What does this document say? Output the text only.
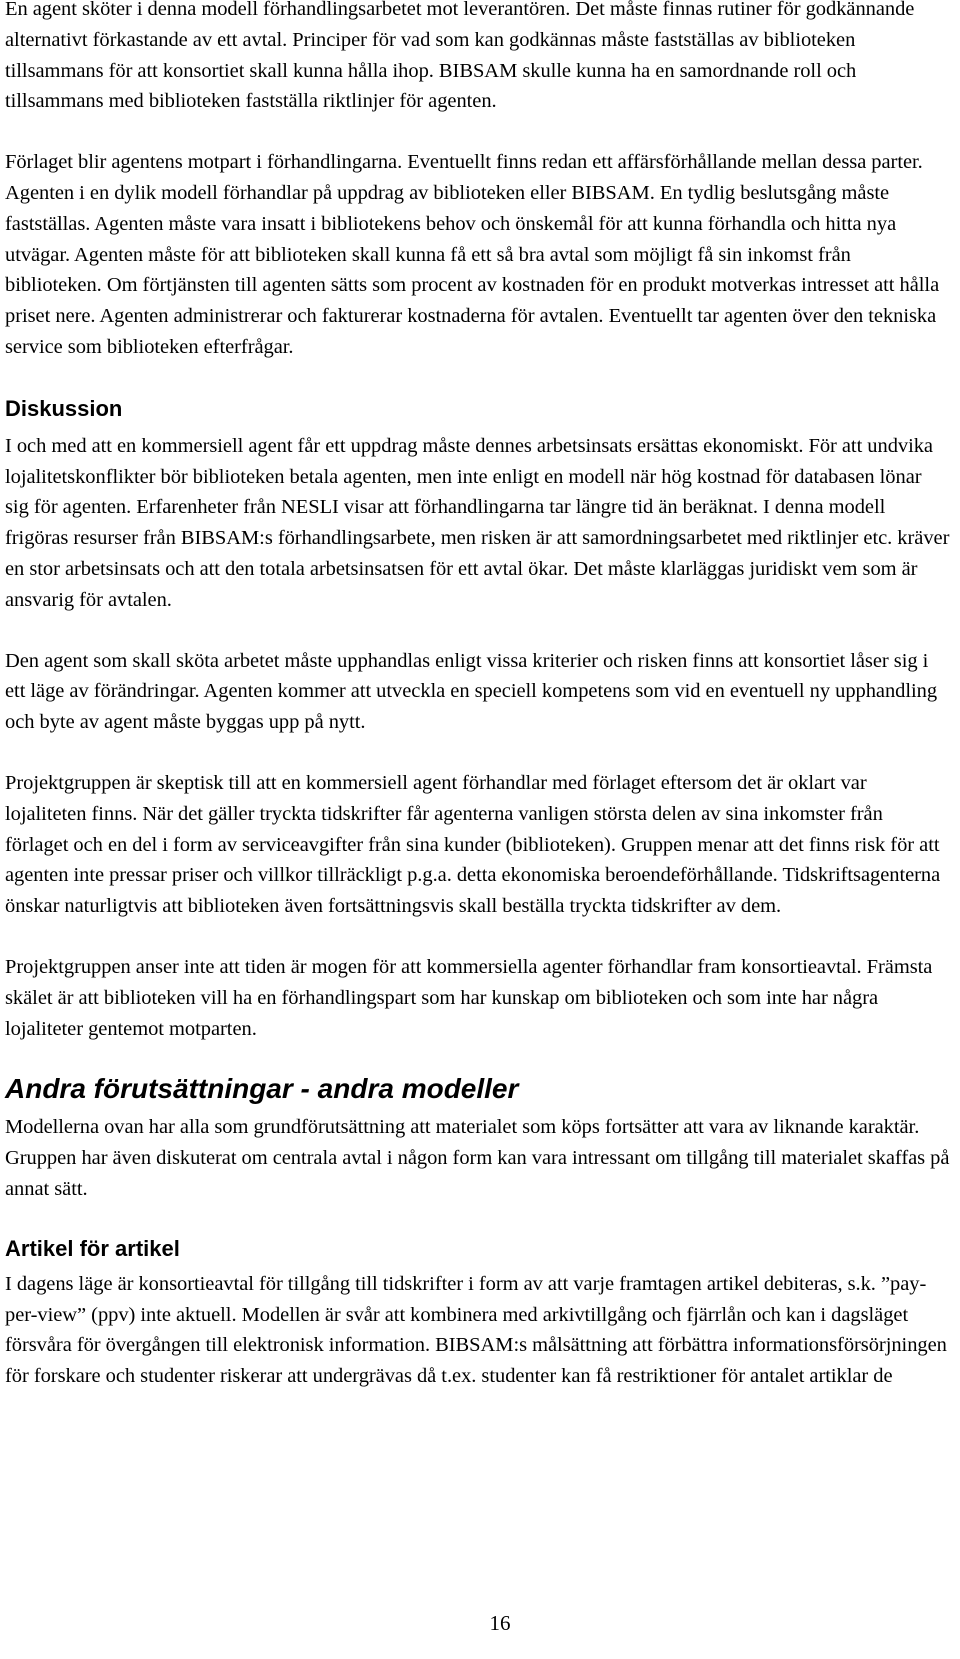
En agent sköter i denna modell förhandlingsarbetet mot leverantören. Det måste finnas rutiner för godkännande alternativt förkastande av ett avtal. Principer för vad som kan godkännas måste fastställas av biblioteken tillsammans för att konsortiet skall kunna hålla ihop. BIBSAM skulle kunna ha en samordnande roll och tillsammans med biblioteken fastställa riktlinjer för agenten.

Förlaget blir agentens motpart i förhandlingarna. Eventuellt finns redan ett affärsförhållande mellan dessa parter. Agenten i en dylik modell förhandlar på uppdrag av biblioteken eller BIBSAM. En tydlig beslutsgång måste fastställas. Agenten måste vara insatt i bibliotekens behov och önskemål för att kunna förhandla och hitta nya utvägar. Agenten måste för att biblioteken skall kunna få ett så bra avtal som möjligt få sin inkomst från biblioteken. Om förtjänsten till agenten sätts som procent av kostnaden för en produkt motverkas intresset att hålla priset nere. Agenten administrerar och fakturerar kostnaderna för avtalen. Eventuellt tar agenten över den tekniska service som biblioteken efterfrågar.

Diskussion

I och med att en kommersiell agent får ett uppdrag måste dennes arbetsinsats ersättas ekonomiskt. För att undvika lojalitetskonflikter bör biblioteken betala agenten, men inte enligt en modell när hög kostnad för databasen lönar sig för agenten. Erfarenheter från NESLI visar att förhandlingarna tar längre tid än beräknat. I denna modell frigöras resurser från BIBSAM:s förhandlingsarbete, men risken är att samordningsarbetet med riktlinjer etc. kräver en stor arbetsinsats och att den totala arbetsinsatsen för ett avtal ökar. Det måste klarläggas juridiskt vem som är ansvarig för avtalen.

Den agent som skall sköta arbetet måste upphandlas enligt vissa kriterier och risken finns att konsortiet låser sig i ett läge av förändringar. Agenten kommer att utveckla en speciell kompetens som vid en eventuell ny upphandling och byte av agent måste byggas upp på nytt.

Projektgruppen är skeptisk till att en kommersiell agent förhandlar med förlaget eftersom det är oklart var lojaliteten finns. När det gäller tryckta tidskrifter får agenterna vanligen största delen av sina inkomster från förlaget och en del i form av serviceavgifter från sina kunder (biblioteken). Gruppen menar att det finns risk för att agenten inte pressar priser och villkor tillräckligt p.g.a. detta ekonomiska beroendeförhållande. Tidskriftsagenterna önskar naturligtvis att biblioteken även fortsättningsvis skall beställa tryckta tidskrifter av dem.

Projektgruppen anser inte att tiden är mogen för att kommersiella agenter förhandlar fram konsortieavtal. Främsta skälet är att biblioteken vill ha en förhandlingspart som har kunskap om biblioteken och som inte har några lojaliteter gentemot motparten.

Andra förutsättningar - andra modeller

Modellerna ovan har alla som grundförutsättning att materialet som köps fortsätter att vara av liknande karaktär. Gruppen har även diskuterat om centrala avtal i någon form kan vara intressant om tillgång till materialet skaffas på annat sätt.

Artikel för artikel

I dagens läge är konsortieavtal för tillgång till tidskrifter i form av att varje framtagen artikel debiteras, s.k. ”pay-per-view” (ppv) inte aktuell. Modellen är svår att kombinera med arkivtillgång och fjärrlån och kan i dagsläget försvåra för övergången till elektronisk information. BIBSAM:s målsättning att förbättra informationsförsörjningen för forskare och studenter riskerar att undergrävas då t.ex. studenter kan få restriktioner för antalet artiklar de

16
